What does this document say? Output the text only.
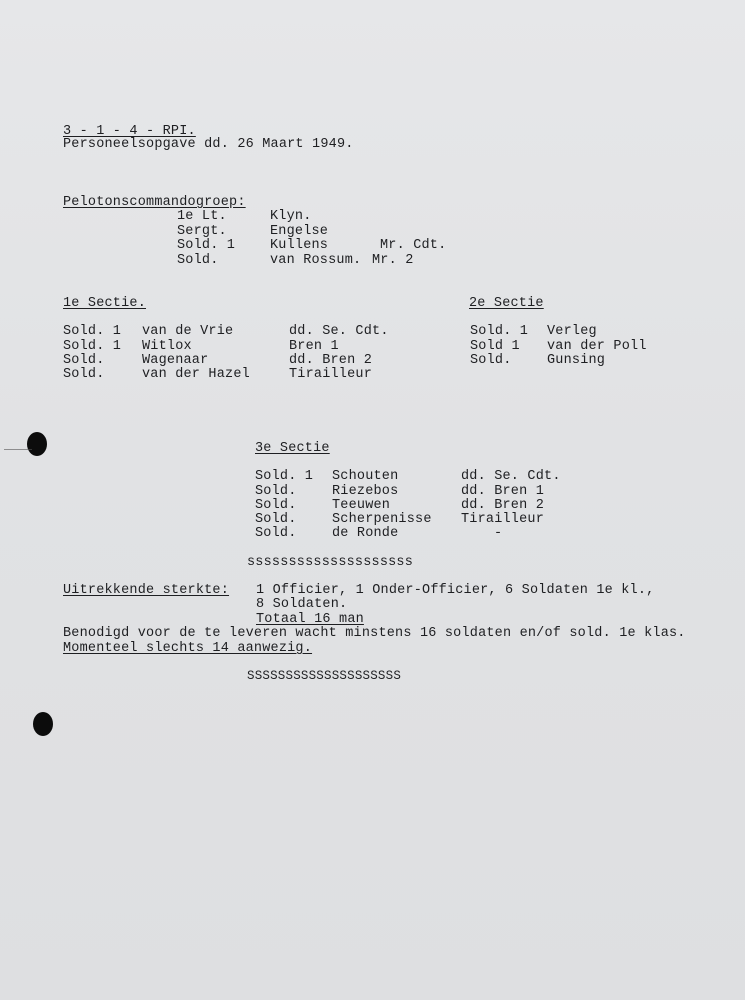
3 - 1 - 4 - RPI.
Personeelsopgave dd. 26 Maart 1949.
Pelotonscommandogroep:
1e Lt.	Klyn.
Sergt.	Engelse
Sold. 1	Kullens	Mr. Cdt.
Sold.	van Rossum. Mr. 2
1e Sectie.
Sold. 1 van de Vrie	dd. Se. Cdt.
Sold. 1 Witlox	Bren 1
Sold.	Wagenaar	dd. Bren 2
Sold.	van der Hazel	Tirailleur
2e Sectie
Sold. 1 Verleg
Sold 1 van der Poll
Sold.	Gunsing
3e Sectie
Sold. 1 Schouten	dd. Se. Cdt.
Sold.	Riezebos	dd. Bren 1
Sold.	Teeuwen	dd. Bren 2
Sold.	Scherpenisse Tirailleur
Sold.	de Ronde	-
ssssssssssssssssssss
Uitrekkende sterkte: 1 Officier, 1 Onder-Officier, 6 Soldaten 1e kl.,
8 Soldaten.
Totaal 16 man
Benodigd voor de te leveren wacht minstens 16 soldaten en/of sold. 1e klas.
Momenteel slechts 14 aanwezig.
SSSSSSSSSSSSSSSSSSSS
